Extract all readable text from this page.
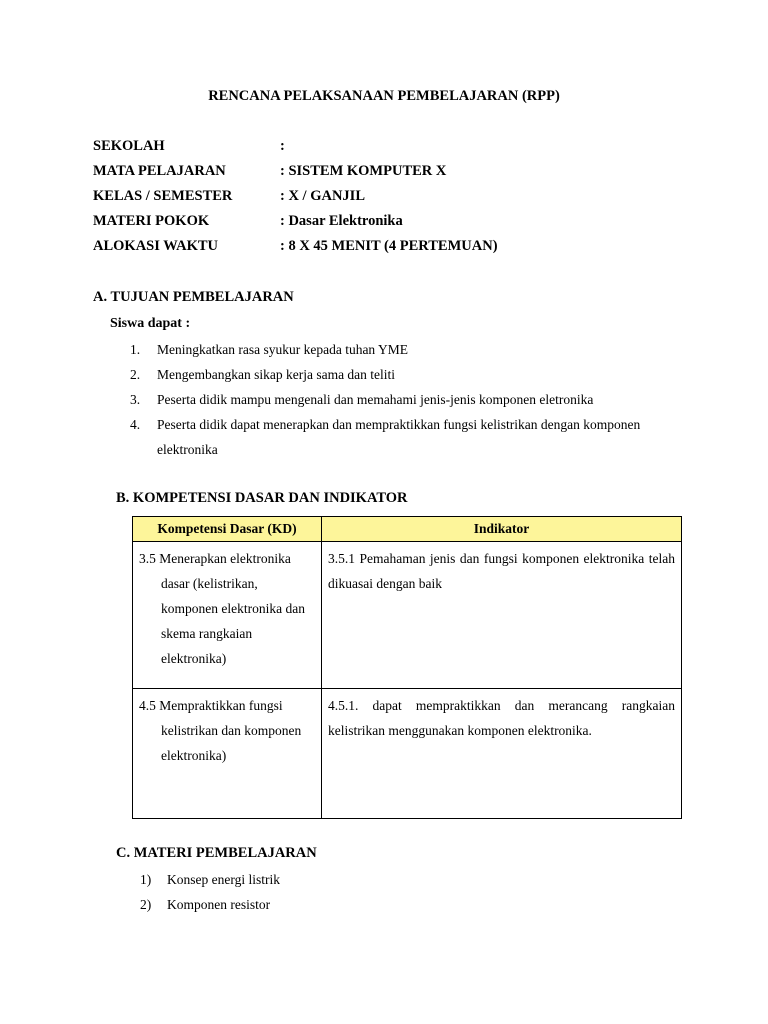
RENCANA PELAKSANAAN PEMBELAJARAN (RPP)
SEKOLAH	:
MATA PELAJARAN	: SISTEM KOMPUTER X
KELAS / SEMESTER	: X / GANJIL
MATERI POKOK	: Dasar Elektronika
ALOKASI WAKTU	: 8 X 45 MENIT (4 PERTEMUAN)
A. TUJUAN PEMBELAJARAN
Siswa dapat :
1. Meningkatkan rasa syukur kepada tuhan YME
2. Mengembangkan sikap kerja sama dan teliti
3. Peserta didik mampu mengenali dan memahami jenis-jenis komponen eletronika
4. Peserta didik dapat menerapkan dan mempraktikkan fungsi kelistrikan dengan komponen elektronika
B. KOMPETENSI DASAR DAN INDIKATOR
Kompetensi Dasar (KD)	Indikator
3.5 Menerapkan elektronika
dasar (kelistrikan, komponen elektronika dan skema rangkaian elektronika)	3.5.1 Pemahaman jenis dan fungsi komponen elektronika telah dikuasai dengan baik
4.5 Mempraktikkan fungsi
kelistrikan dan komponen elektronika)	4.5.1. dapat mempraktikkan dan merancang rangkaian kelistrikan menggunakan komponen elektronika.
C. MATERI PEMBELAJARAN
1) Konsep energi listrik
2) Komponen resistor
